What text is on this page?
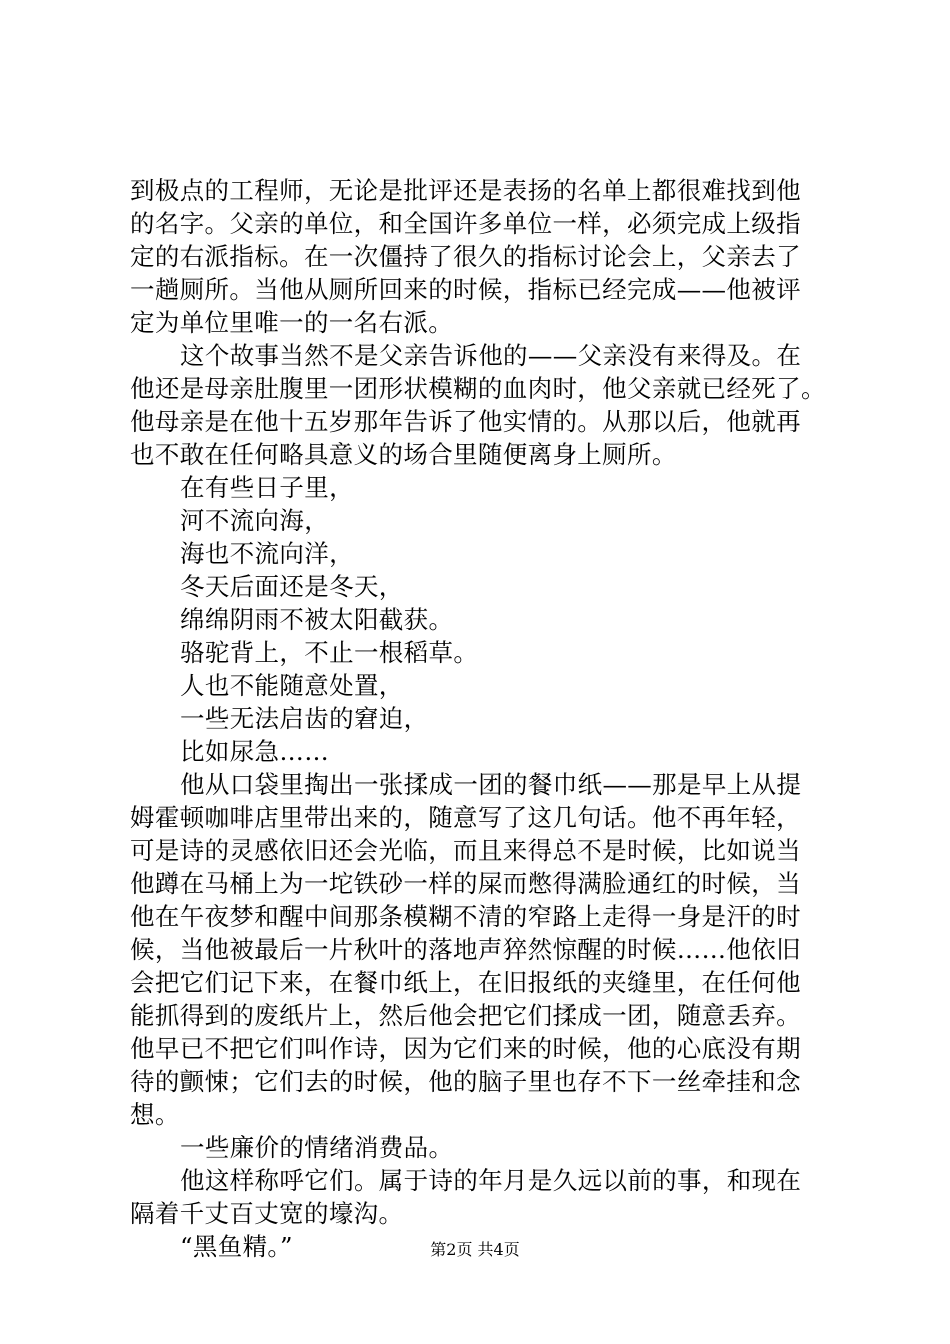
到极点的工程师，无论是批评还是表扬的名单上都很难找到他
的名字。父亲的单位，和全国许多单位一样，必须完成上级指
定的右派指标。在一次僵持了很久的指标讨论会上，父亲去了
一趟厕所。当他从厕所回来的时候，指标已经完成——他被评
定为单位里唯一的一名右派。
这个故事当然不是父亲告诉他的——父亲没有来得及。在
他还是母亲肚腹里一团形状模糊的血肉时，他父亲就已经死了。
他母亲是在他十五岁那年告诉了他实情的。从那以后，他就再
也不敢在任何略具意义的场合里随便离身上厕所。
在有些日子里，
河不流向海，
海也不流向洋，
冬天后面还是冬天，
绵绵阴雨不被太阳截获。
骆驼背上，不止一根稻草。
人也不能随意处置，
一些无法启齿的窘迫，
比如尿急……
他从口袋里掏出一张揉成一团的餐巾纸——那是早上从提
姆霍顿咖啡店里带出来的，随意写了这几句话。他不再年轻，
可是诗的灵感依旧还会光临，而且来得总不是时候，比如说当
他蹲在马桶上为一坨铁砂一样的屎而憋得满脸通红的时候，当
他在午夜梦和醒中间那条模糊不清的窄路上走得一身是汗的时
候，当他被最后一片秋叶的落地声猝然惊醒的时候……他依旧
会把它们记下来，在餐巾纸上，在旧报纸的夹缝里，在任何他
能抓得到的废纸片上，然后他会把它们揉成一团，随意丢弃。
他早已不把它们叫作诗，因为它们来的时候，他的心底没有期
待的颤悚；它们去的时候，他的脑子里也存不下一丝牵挂和念
想。
一些廉价的情绪消费品。
他这样称呼它们。属于诗的年月是久远以前的事，和现在
隔着千丈百丈宽的壕沟。
“黑鱼精。”	第2页 共4页
